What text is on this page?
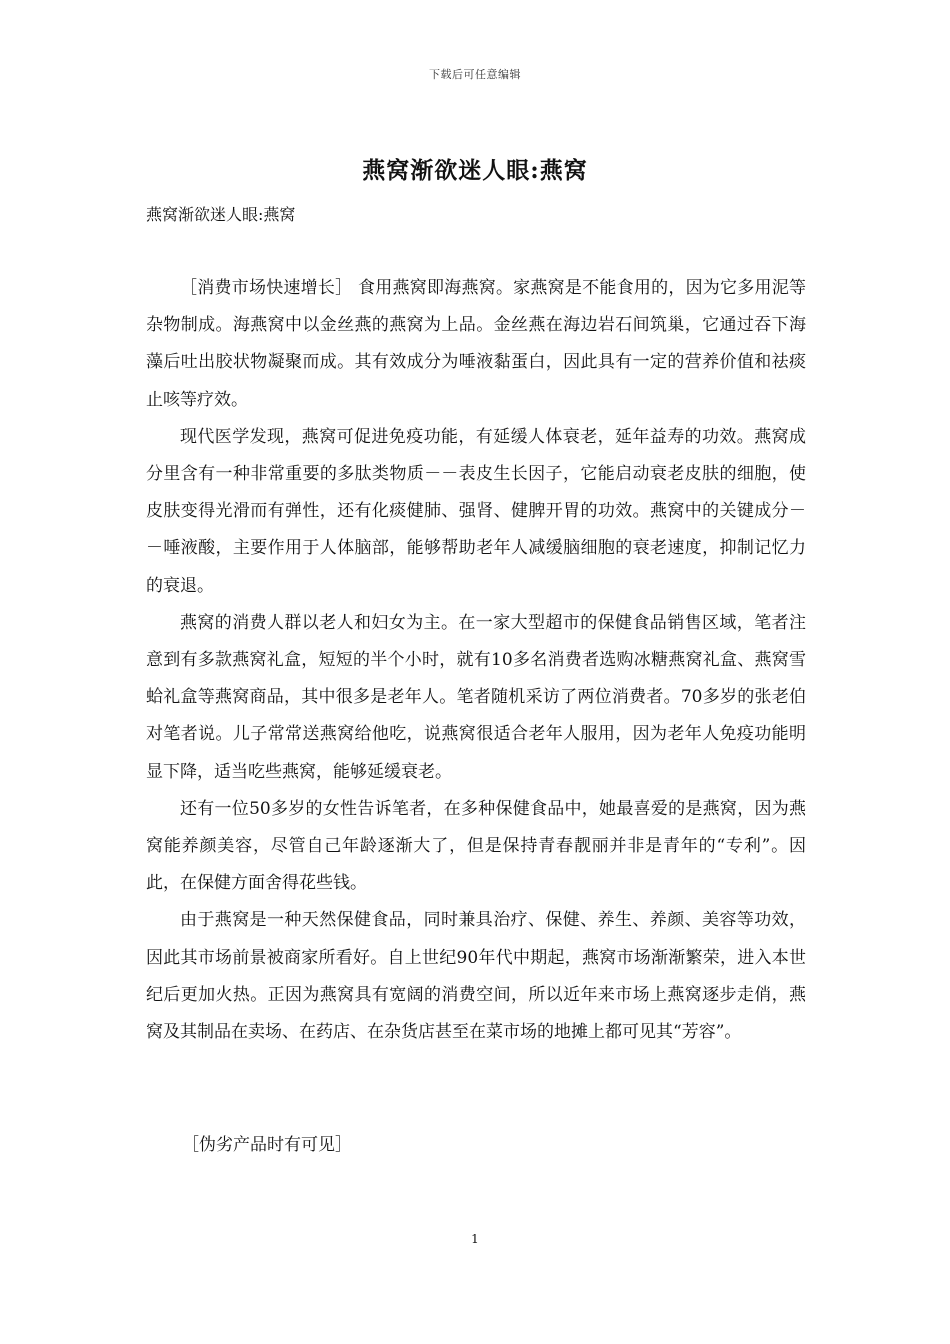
下载后可任意编辑
燕窝渐欲迷人眼:燕窝
燕窝渐欲迷人眼:燕窝

［消费市场快速增长］ 食用燕窝即海燕窝。家燕窝是不能食用的，因为它多用泥等杂物制成。海燕窝中以金丝燕的燕窝为上品。金丝燕在海边岩石间筑巢，它通过吞下海藻后吐出胶状物凝聚而成。其有效成分为唾液黏蛋白，因此具有一定的营养价值和祛痰止咳等疗效。

现代医学发现，燕窝可促进免疫功能，有延缓人体衰老，延年益寿的功效。燕窝成分里含有一种非常重要的多肽类物质－－表皮生长因子，它能启动衰老皮肤的细胞，使皮肤变得光滑而有弹性，还有化痰健肺、强肾、健脾开胃的功效。燕窝中的关键成分－－唾液酸，主要作用于人体脑部，能够帮助老年人减缓脑细胞的衰老速度，抑制记忆力的衰退。

燕窝的消费人群以老人和妇女为主。在一家大型超市的保健食品销售区域，笔者注意到有多款燕窝礼盒，短短的半个小时，就有10多名消费者选购冰糖燕窝礼盒、燕窝雪蛤礼盒等燕窝商品，其中很多是老年人。笔者随机采访了两位消费者。70多岁的张老伯对笔者说。儿子常常送燕窝给他吃，说燕窝很适合老年人服用，因为老年人免疫功能明显下降，适当吃些燕窝，能够延缓衰老。

还有一位50多岁的女性告诉笔者，在多种保健食品中，她最喜爱的是燕窝，因为燕窝能养颜美容，尽管自己年龄逐渐大了，但是保持青春靓丽并非是青年的“专利”。因此，在保健方面舍得花些钱。

由于燕窝是一种天然保健食品，同时兼具治疗、保健、养生、养颜、美容等功效，因此其市场前景被商家所看好。自上世纪90年代中期起，燕窝市场渐渐繁荣，进入本世纪后更加火热。正因为燕窝具有宽阔的消费空间，所以近年来市场上燕窝逐步走俏，燕窝及其制品在卖场、在药店、在杂货店甚至在菜市场的地摊上都可见其“芳容”。

［伪劣产品时有可见］
1
